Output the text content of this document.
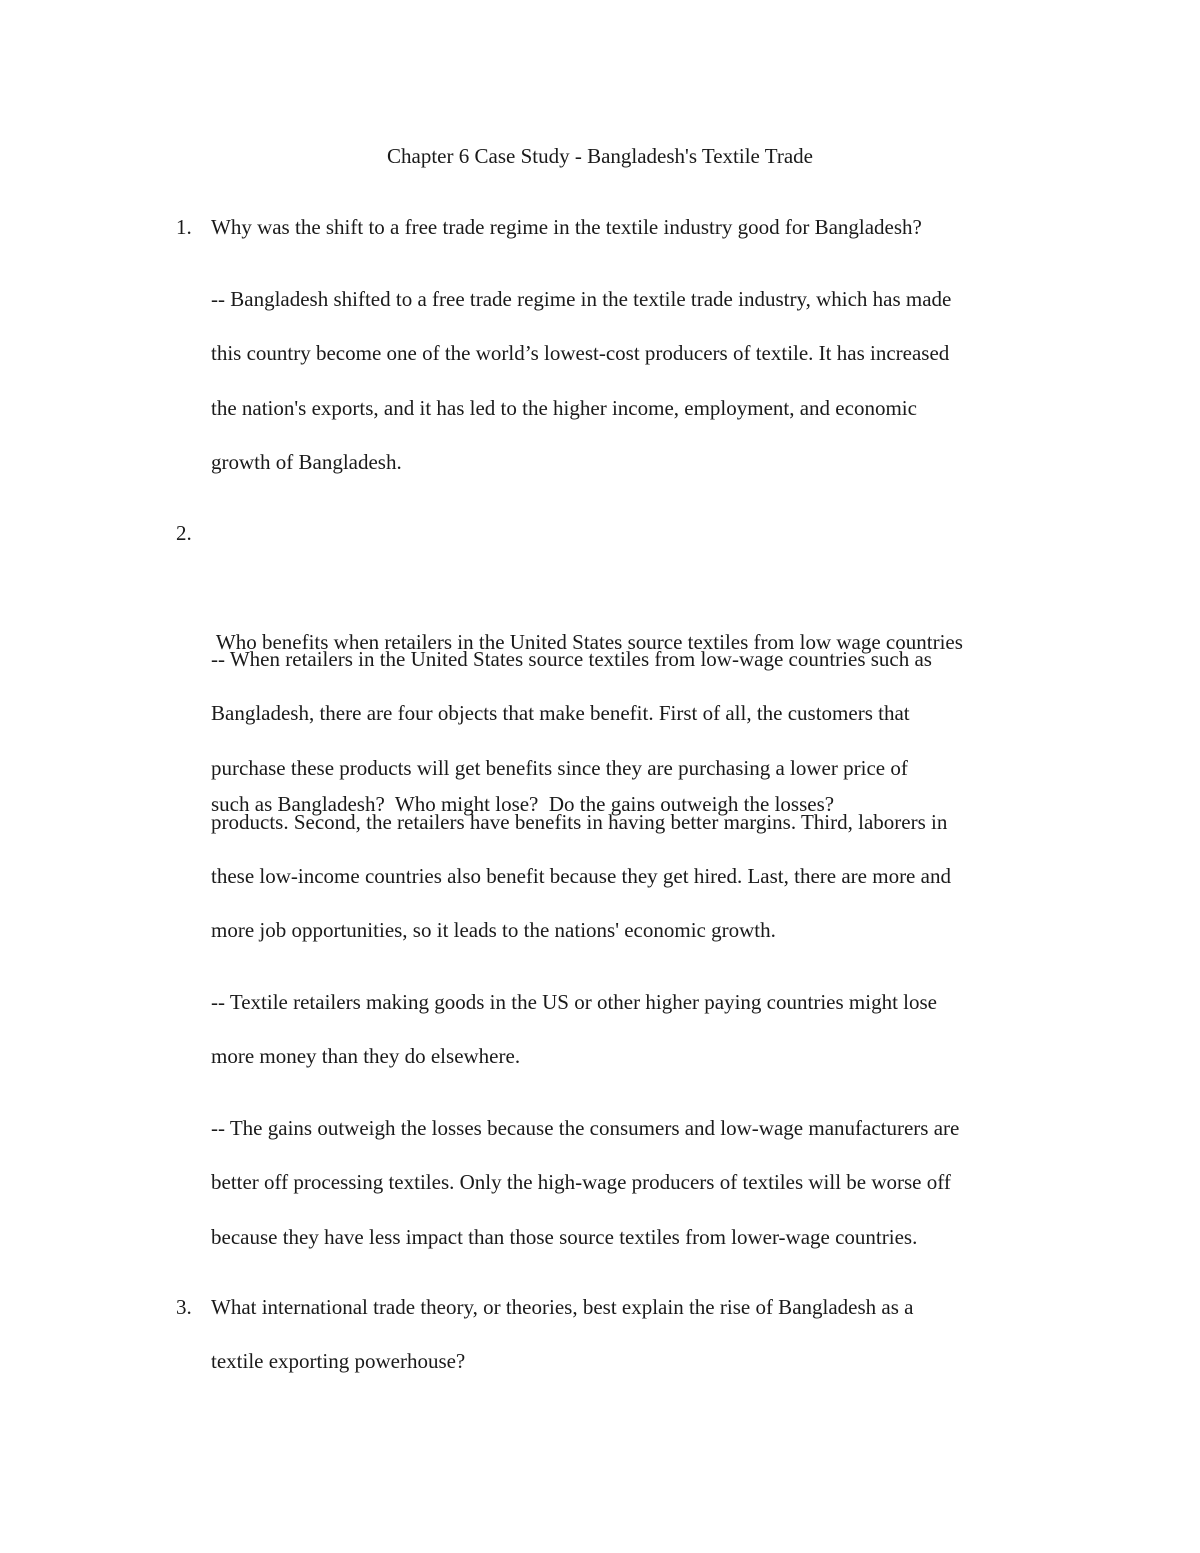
Chapter 6 Case Study - Bangladesh's Textile Trade
1. Why was the shift to a free trade regime in the textile industry good for Bangladesh?
-- Bangladesh shifted to a free trade regime in the textile trade industry, which has made
this country become one of the world’s lowest-cost producers of textile. It has increased
the nation's exports, and it has led to the higher income, employment, and economic
growth of Bangladesh.
2.

Who benefits when retailers in the United States source textiles from low wage countries

such as Bangladesh?  Who might lose?  Do the gains outweigh the losses?

-- When retailers in the United States source textiles from low-wage countries such as
Bangladesh, there are four objects that make benefit. First of all, the customers that
purchase these products will get benefits since they are purchasing a lower price of
products. Second, the retailers have benefits in having better margins. Third, laborers in
these low-income countries also benefit because they get hired. Last, there are more and
more job opportunities, so it leads to the nations' economic growth.
-- Textile retailers making goods in the US or other higher paying countries might lose
more money than they do elsewhere.
-- The gains outweigh the losses because the consumers and low-wage manufacturers are
better off processing textiles. Only the high-wage producers of textiles will be worse off
because they have less impact than those source textiles from lower-wage countries.
3. What international trade theory, or theories, best explain the rise of Bangladesh as a
textile exporting powerhouse?
